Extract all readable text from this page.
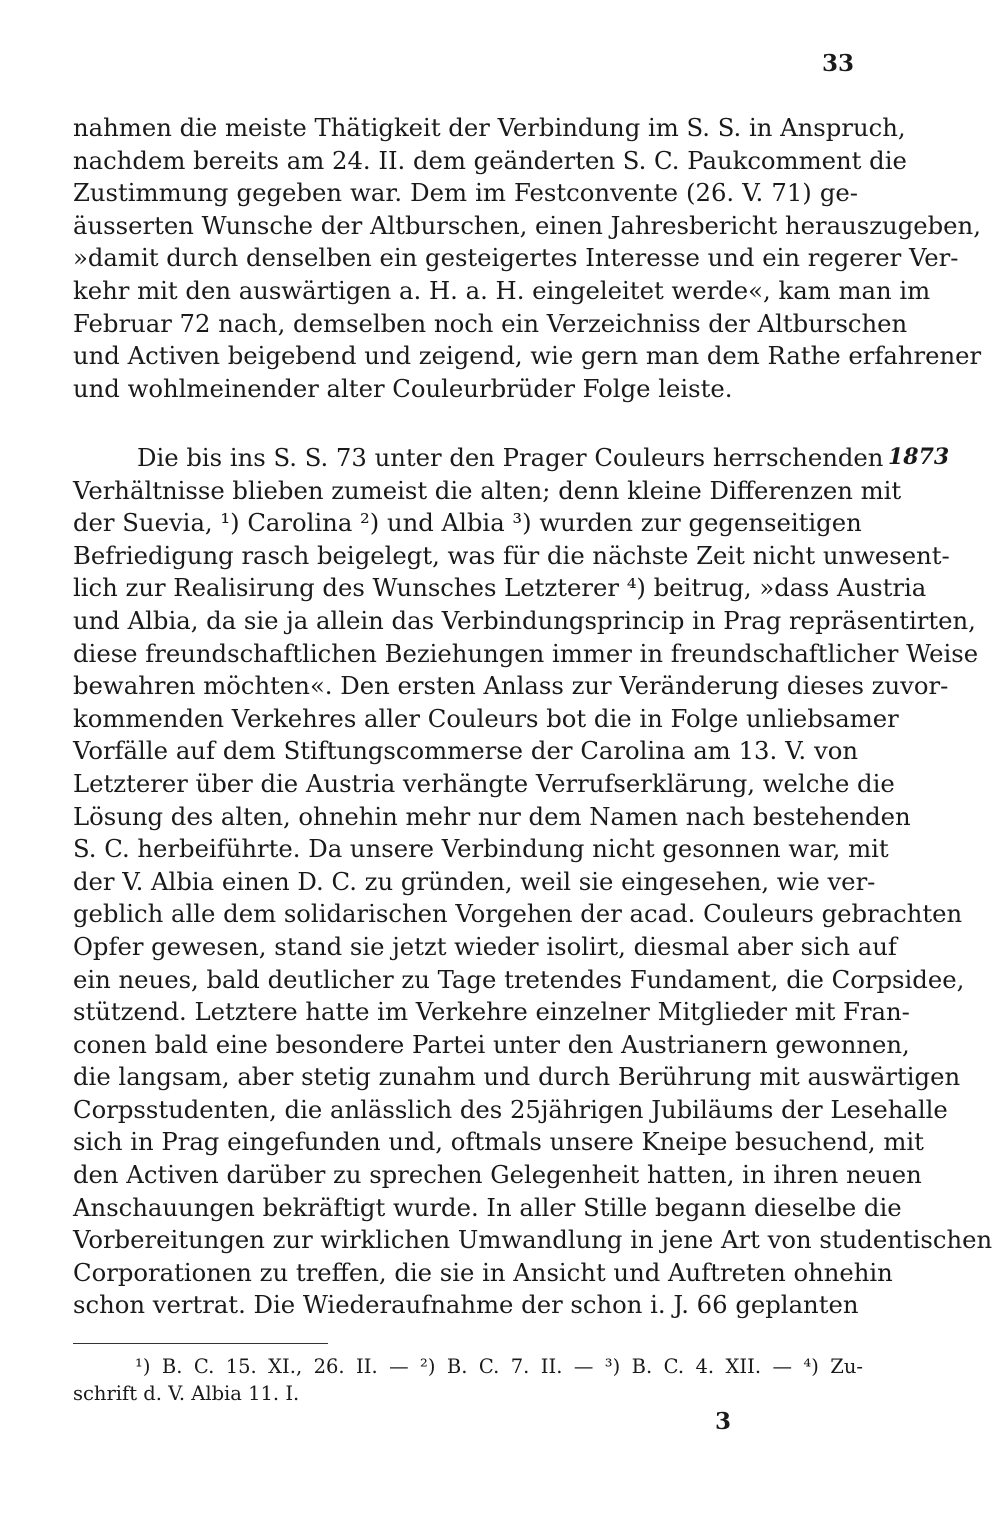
33
nahmen die meiste Thätigkeit der Verbindung im S. S. in Anspruch,
nachdem bereits am 24. II. dem geänderten S. C. Paukcomment die
Zustimmung gegeben war. Dem im Festconvente (26. V. 71) ge-
äusserten Wunsche der Altburschen, einen Jahresbericht herauszugeben,
»damit durch denselben ein gesteigertes Interesse und ein regerer Ver-
kehr mit den auswärtigen a. H. a. H. eingeleitet werde«, kam man im
Februar 72 nach, demselben noch ein Verzeichniss der Altburschen
und Activen beigebend und zeigend, wie gern man dem Rathe erfahrener
und wohlmeinender alter Couleurbrüder Folge leiste.
1873
Die bis ins S. S. 73 unter den Prager Couleurs herrschenden
Verhältnisse blieben zumeist die alten; denn kleine Differenzen mit
der Suevia, ¹) Carolina ²) und Albia ³) wurden zur gegenseitigen
Befriedigung rasch beigelegt, was für die nächste Zeit nicht unwesent-
lich zur Realisirung des Wunsches Letzterer ⁴) beitrug, »dass Austria
und Albia, da sie ja allein das Verbindungsprincip in Prag repräsentirten,
diese freundschaftlichen Beziehungen immer in freundschaftlicher Weise
bewahren möchten«. Den ersten Anlass zur Veränderung dieses zuvor-
kommenden Verkehres aller Couleurs bot die in Folge unliebsamer
Vorfälle auf dem Stiftungscommerse der Carolina am 13. V. von
Letzterer über die Austria verhängte Verrufserklärung, welche die
Lösung des alten, ohnehin mehr nur dem Namen nach bestehenden
S. C. herbeiführte. Da unsere Verbindung nicht gesonnen war, mit
der V. Albia einen D. C. zu gründen, weil sie eingesehen, wie ver-
geblich alle dem solidarischen Vorgehen der acad. Couleurs gebrachten
Opfer gewesen, stand sie jetzt wieder isolirt, diesmal aber sich auf
ein neues, bald deutlicher zu Tage tretendes Fundament, die Corpsidee,
stützend. Letztere hatte im Verkehre einzelner Mitglieder mit Fran-
conen bald eine besondere Partei unter den Austrianern gewonnen,
die langsam, aber stetig zunahm und durch Berührung mit auswärtigen
Corpsstudenten, die anlässlich des 25jährigen Jubiläums der Lesehalle
sich in Prag eingefunden und, oftmals unsere Kneipe besuchend, mit
den Activen darüber zu sprechen Gelegenheit hatten, in ihren neuen
Anschauungen bekräftigt wurde. In aller Stille begann dieselbe die
Vorbereitungen zur wirklichen Umwandlung in jene Art von studentischen
Corporationen zu treffen, die sie in Ansicht und Auftreten ohnehin
schon vertrat. Die Wiederaufnahme der schon i. J. 66 geplanten
¹) B. C. 15. XI., 26. II. — ²) B. C. 7. II. — ³) B. C. 4. XII. — ⁴) Zu-
schrift d. V. Albia 11. I.
3
